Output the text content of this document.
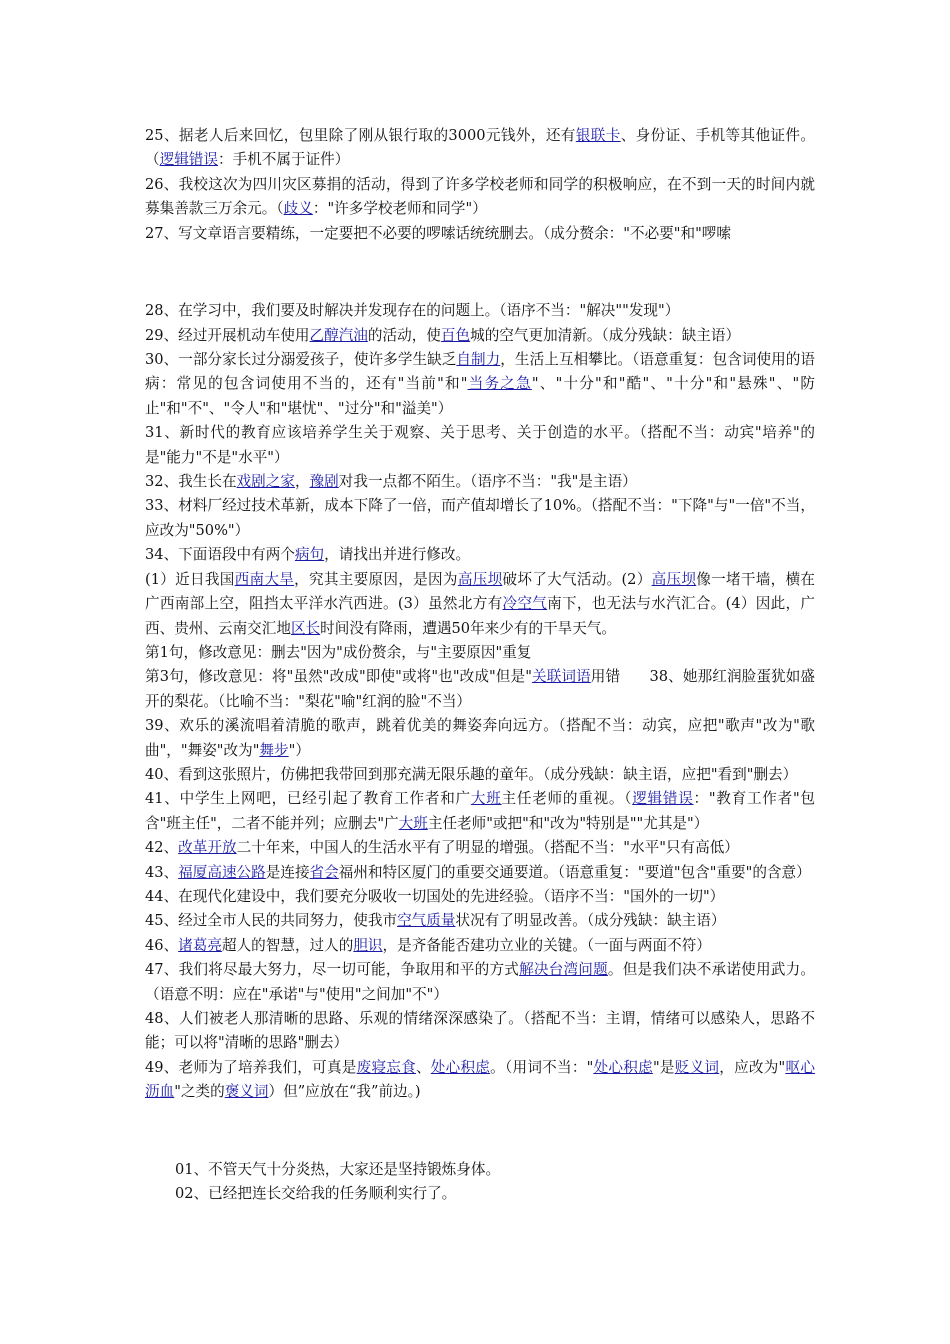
25、据老人后来回忆，包里除了刚从银行取的3000元钱外，还有银联卡、身份证、手机等其他证件。（逻辑错误：手机不属于证件）

26、我校这次为四川灾区募捐的活动，得到了许多学校老师和同学的积极响应，在不到一天的时间内就募集善款三万余元。（歧义："许多学校老师和同学"）

27、写文章语言要精练，一定要把不必要的啰嗦话统统删去。（成分赘余："不必要"和"啰嗦

28、在学习中，我们要及时解决并发现存在的问题上。（语序不当："解决""发现"）

29、经过开展机动车使用乙醇汽油的活动，使百色城的空气更加清新。（成分残缺：缺主语）

30、一部分家长过分溺爱孩子，使许多学生缺乏自制力，生活上互相攀比。（语意重复：包含词使用的语病：常见的包含词使用不当的，还有"当前"和"当务之急"、"十分"和"酷"、"十分"和"悬殊"、"防止"和"不"、"令人"和"堪忧"、"过分"和"溢美"）

31、新时代的教育应该培养学生关于观察、关于思考、关于创造的水平。（搭配不当：动宾"培养"的是"能力"不是"水平"）

32、我生长在戏剧之家，豫剧对我一点都不陌生。（语序不当："我"是主语）

33、材料厂经过技术革新，成本下降了一倍，而产值却增长了10%。（搭配不当："下降"与"一倍"不当，应改为"50%"）

34、下面语段中有两个病句，请找出并进行修改。

(1）近日我国西南大旱，究其主要原因，是因为高压坝破坏了大气活动。(2）高压坝像一堵干墙，横在广西南部上空，阻挡太平洋水汽西进。(3）虽然北方有冷空气南下，也无法与水汽汇合。(4）因此，广西、贵州、云南交汇地区长时间没有降雨，遭遇50年来少有的干旱天气。

第1句，修改意见：删去"因为"成份赘余，与"主要原因"重复

第3句，修改意见：将"虽然"改成"即使"或将"也"改成"但是"关联词语用错　　38、她那红润脸蛋犹如盛开的梨花。（比喻不当："梨花"喻"红润的脸"不当）

39、欢乐的溪流唱着清脆的歌声，跳着优美的舞姿奔向远方。（搭配不当：动宾，应把"歌声"改为"歌曲"，"舞姿"改为"舞步"）

40、看到这张照片，仿佛把我带回到那充满无限乐趣的童年。（成分残缺：缺主语，应把"看到"删去）

41、中学生上网吧，已经引起了教育工作者和广大班主任老师的重视。（逻辑错误："教育工作者"包含"班主任"，二者不能并列；应删去"广大班主任老师"或把"和"改为"特别是""尤其是"）

42、改革开放二十年来，中国人的生活水平有了明显的增强。（搭配不当："水平"只有高低）

43、福厦高速公路是连接省会福州和特区厦门的重要交通要道。（语意重复："要道"包含"重要"的含意）

44、在现代化建设中，我们要充分吸收一切国处的先进经验。（语序不当："国外的一切"）

45、经过全市人民的共同努力，使我市空气质量状况有了明显改善。（成分残缺：缺主语）

46、诸葛亮超人的智慧，过人的胆识，是齐备能否建功立业的关键。（一面与两面不符）

47、我们将尽最大努力，尽一切可能，争取用和平的方式解决台湾问题。但是我们决不承诺使用武力。（语意不明：应在"承诺"与"使用"之间加"不"）

48、人们被老人那清晰的思路、乐观的情绪深深感染了。（搭配不当：主谓，情绪可以感染人，思路不能；可以将"清晰的思路"删去）

49、老师为了培养我们，可真是废寝忘食、处心积虑。（用词不当："处心积虑"是贬义词，应改为"呕心沥血"之类的褒义词）但”应放在“我”前边。)

01、不管天气十分炎热，大家还是坚持锻炼身体。

02、已经把连长交给我的任务顺利实行了。
